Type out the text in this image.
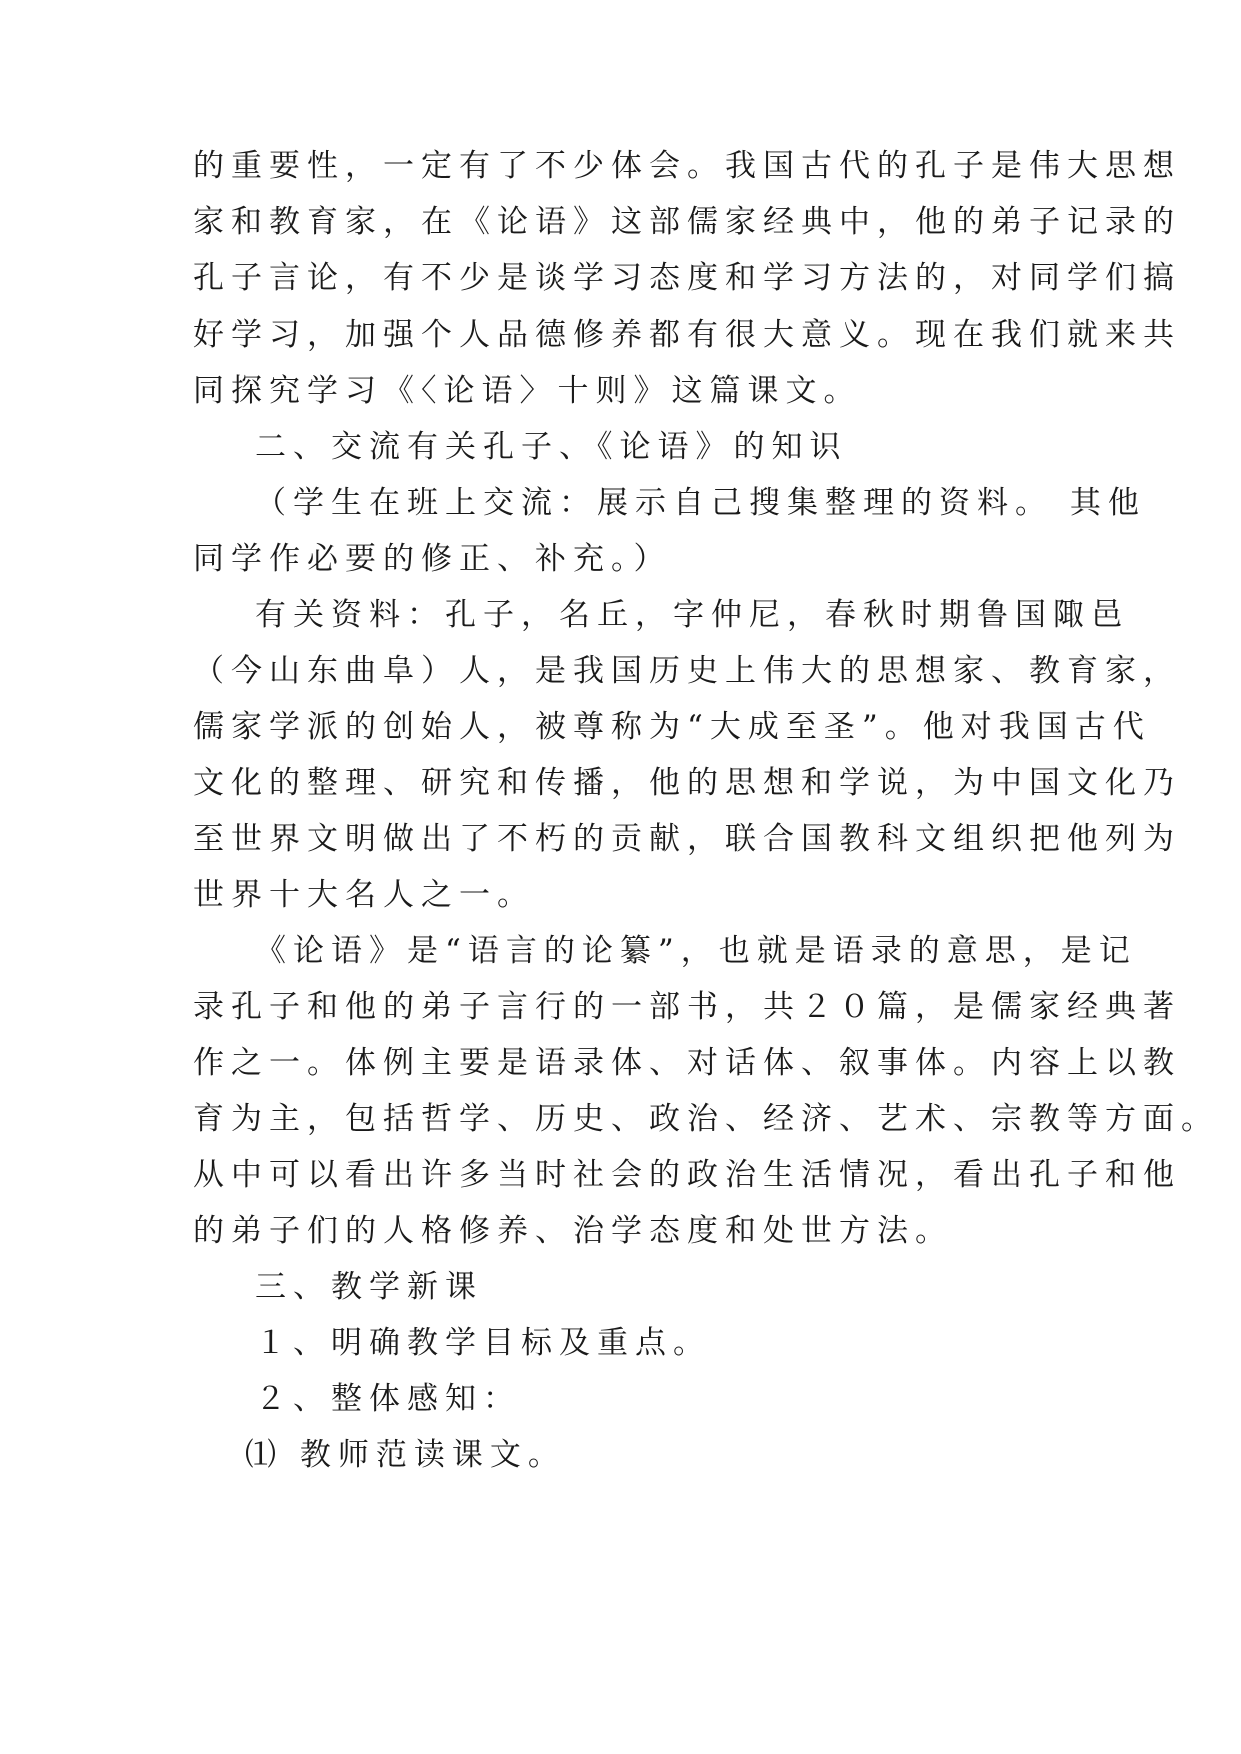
的重要性，一定有了不少体会。我国古代的孔子是伟大思想
家和教育家，在《论语》这部儒家经典中，他的弟子记录的
孔子言论，有不少是谈学习态度和学习方法的，对同学们搞
好学习，加强个人品德修养都有很大意义。现在我们就来共
同探究学习《〈论语〉十则》这篇课文。
二、交流有关孔子、《论语》的知识
（学生在班上交流：展示自己搜集整理的资料。 其他
同学作必要的修正、补充。）
有关资料：孔子，名丘，字仲尼，春秋时期鲁国陬邑
（今山东曲阜）人，是我国历史上伟大的思想家、教育家，
儒家学派的创始人，被尊称为“大成至圣”。他对我国古代
文化的整理、研究和传播，他的思想和学说，为中国文化乃
至世界文明做出了不朽的贡献，联合国教科文组织把他列为
世界十大名人之一。
《论语》是“语言的论纂”，也就是语录的意思，是记
录孔子和他的弟子言行的一部书，共２０篇，是儒家经典著
作之一。体例主要是语录体、对话体、叙事体。内容上以教
育为主，包括哲学、历史、政治、经济、艺术、宗教等方面。
从中可以看出许多当时社会的政治生活情况，看出孔子和他
的弟子们的人格修养、治学态度和处世方法。
三、教学新课
１、明确教学目标及重点。
２、整体感知：
⑴ 教师范读课文。
